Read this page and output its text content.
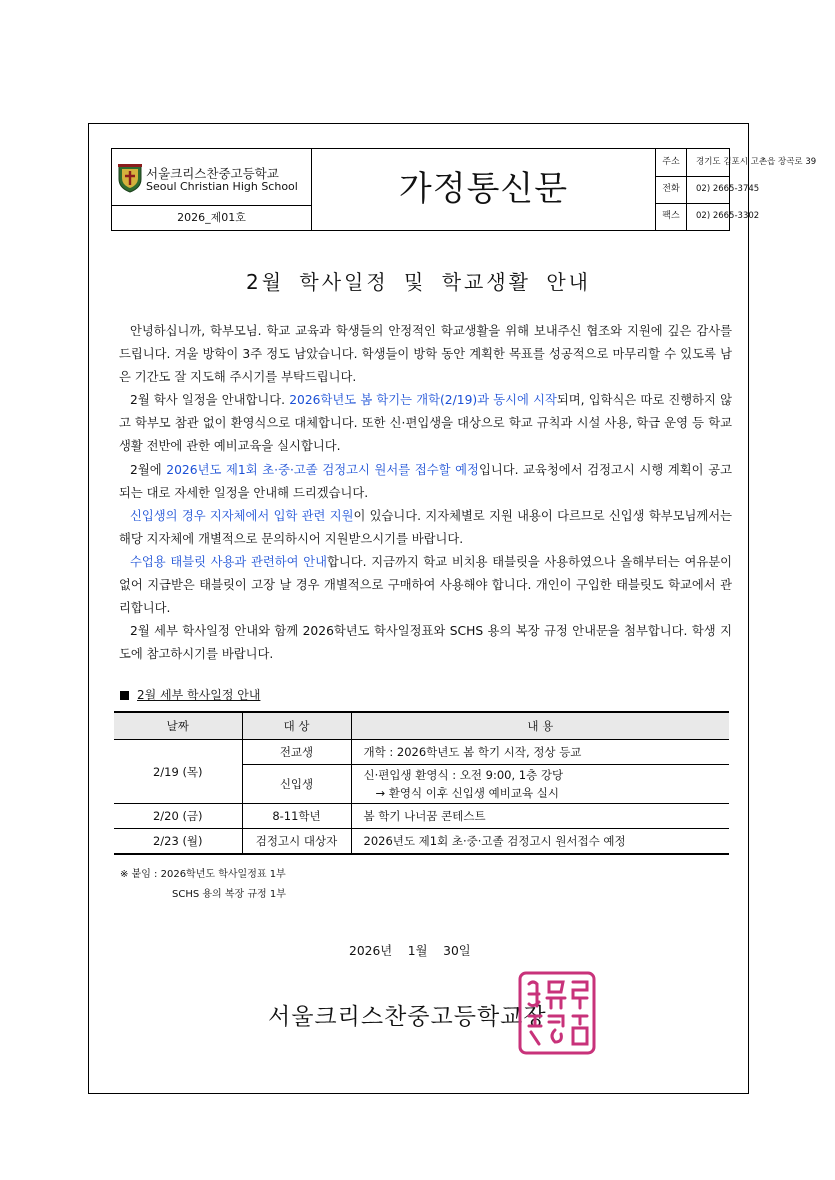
서울크리스찬중고등학교
Seoul Christian High School
2026_제01호
가정통신문
주소	경기도 김포시 고촌읍 장곡로 39
전화	02) 2665-3745
팩스	02) 2665-3302
2월 학사일정 및 학교생활 안내

안녕하십니까, 학부모님. 학교 교육과 학생들의 안정적인 학교생활을 위해 보내주신 협조와 지원에 깊은 감사를 드립니다. 겨울 방학이 3주 정도 남았습니다. 학생들이 방학 동안 계획한 목표를 성공적으로 마무리할 수 있도록 남은 기간도 잘 지도해 주시기를 부탁드립니다.

2월 학사 일정을 안내합니다. 2026학년도 봄 학기는 개학(2/19)과 동시에 시작되며, 입학식은 따로 진행하지 않고 학부모 참관 없이 환영식으로 대체합니다. 또한 신·편입생을 대상으로 학교 규칙과 시설 사용, 학급 운영 등 학교생활 전반에 관한 예비교육을 실시합니다.

2월에 2026년도 제1회 초·중·고졸 검정고시 원서를 접수할 예정입니다. 교육청에서 검정고시 시행 계획이 공고되는 대로 자세한 일정을 안내해 드리겠습니다.

신입생의 경우 지자체에서 입학 관련 지원이 있습니다. 지자체별로 지원 내용이 다르므로 신입생 학부모님께서는 해당 지자체에 개별적으로 문의하시어 지원받으시기를 바랍니다.

수업용 태블릿 사용과 관련하여 안내합니다. 지금까지 학교 비치용 태블릿을 사용하였으나 올해부터는 여유분이 없어 지급받은 태블릿이 고장 날 경우 개별적으로 구매하여 사용해야 합니다. 개인이 구입한 태블릿도 학교에서 관리합니다.

2월 세부 학사일정 안내와 함께 2026학년도 학사일정표와 SCHS 용의 복장 규정 안내문을 첨부합니다. 학생 지도에 참고하시기를 바랍니다.

2월 세부 학사일정 안내
날짜	대 상	내 용
2/19 (목)	전교생	개학 : 2026학년도 봄 학기 시작, 정상 등교
	신입생	신·편입생 환영식 : 오전 9:00, 1층 강당
→ 환영식 이후 신입생 예비교육 실시

2/20 (금)	8-11학년	봄 학기 나너꿈 콘테스트
2/23 (월)	검정고시 대상자	2026년도 제1회 초·중·고졸 검정고시 원서접수 예정
※ 붙임 : 2026학년도 학사일정표 1부
SCHS 용의 복장 규정 1부
2026년    1월    30일
서울크리스찬중고등학교장
